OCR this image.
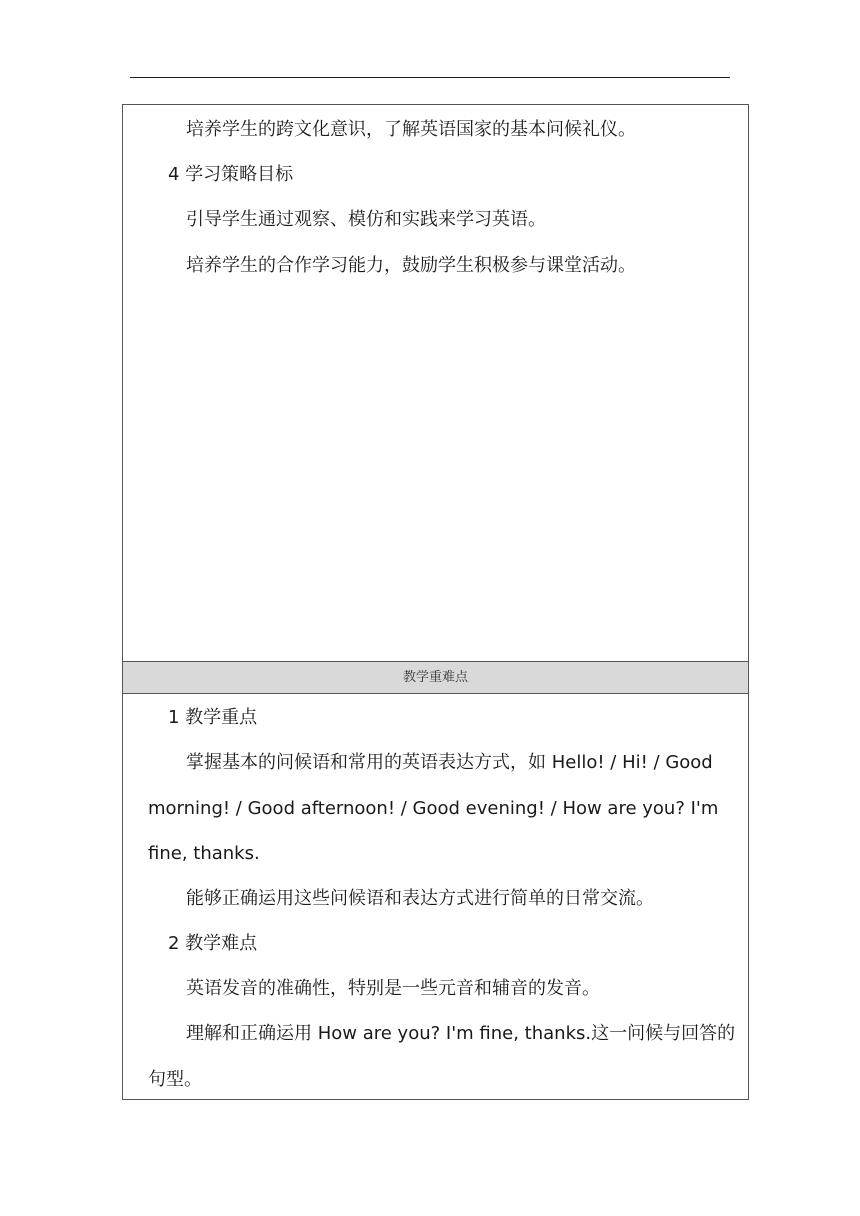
培养学生的跨文化意识，了解英语国家的基本问候礼仪。
4 学习策略目标
引导学生通过观察、模仿和实践来学习英语。
培养学生的合作学习能力，鼓励学生积极参与课堂活动。
教学重难点
1 教学重点
掌握基本的问候语和常用的英语表达方式，如 Hello! / Hi! / Good
morning! / Good afternoon! / Good evening! / How are you? I'm
fine, thanks.
能够正确运用这些问候语和表达方式进行简单的日常交流。
2 教学难点
英语发音的准确性，特别是一些元音和辅音的发音。
理解和正确运用 How are you? I'm fine, thanks.这一问候与回答的
句型。
